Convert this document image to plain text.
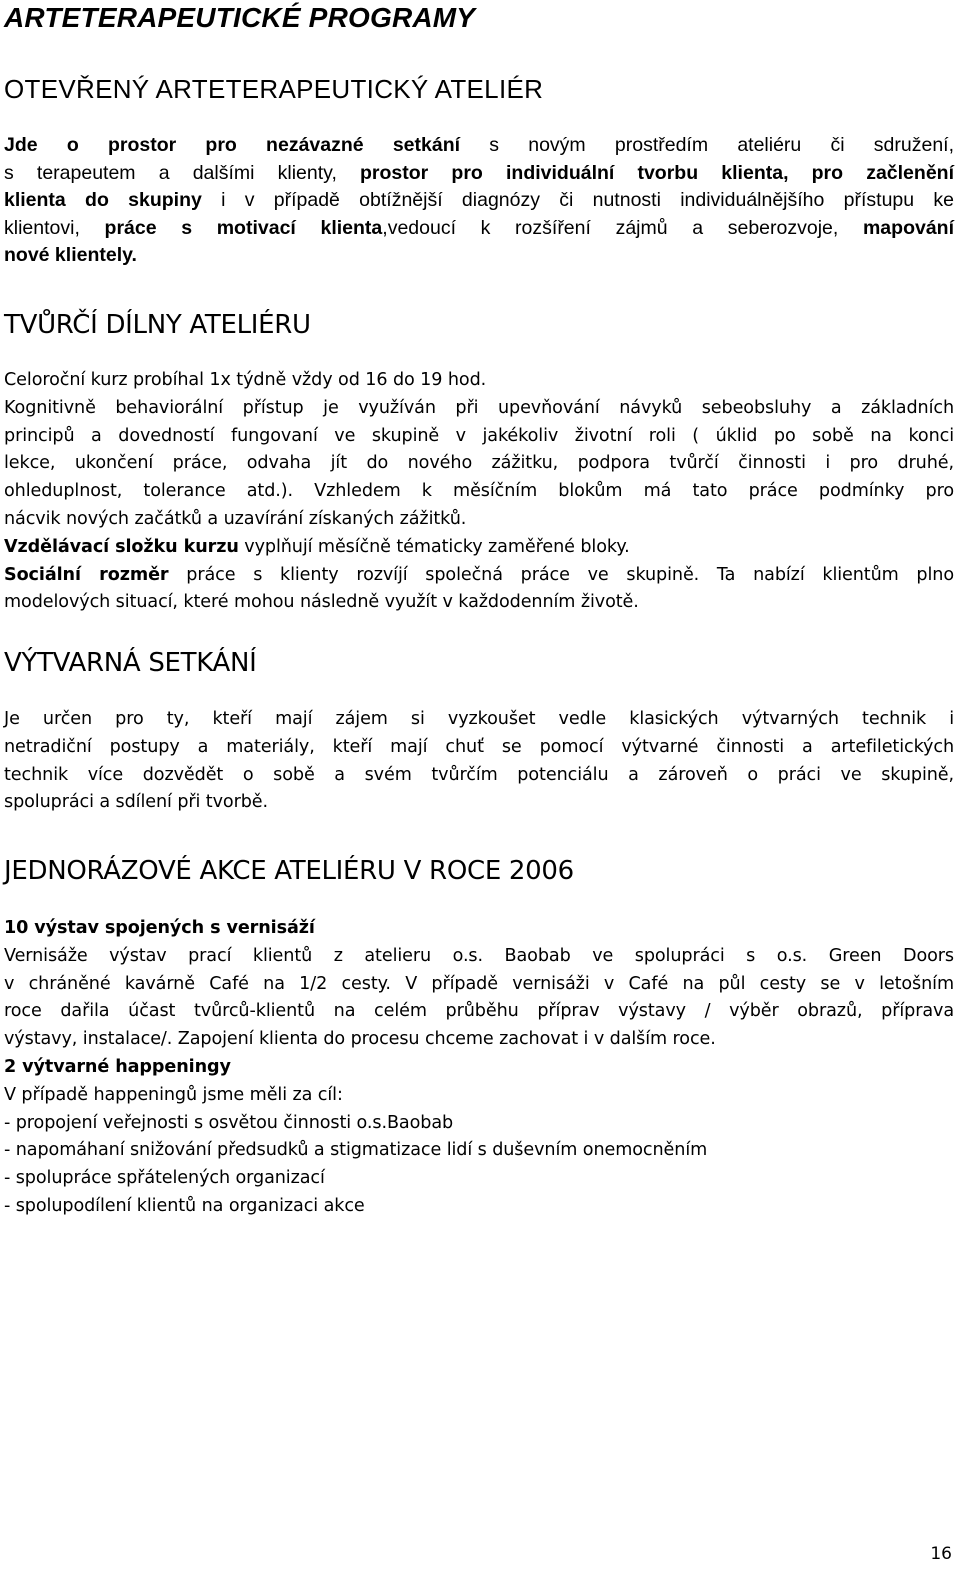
ARTETERAPEUTICKÉ PROGRAMY
OTEVŘENÝ ARTETERAPEUTICKÝ ATELIÉR
Jde o prostor pro nezávazné setkání s novým prostředím ateliéru či sdružení,
s terapeutem a dalšími klienty, prostor pro individuální tvorbu klienta, pro začlenění
klienta do skupiny i v případě obtížnější diagnózy či nutnosti individuálnějšího přístupu ke
klientovi, práce s motivací klienta,vedoucí k rozšíření zájmů a seberozvoje, mapování
nové klientely.
TVŮRČÍ DÍLNY ATELIÉRU
Celoroční kurz probíhal 1x týdně vždy od 16 do 19 hod.
Kognitivně behaviorální přístup je využíván při upevňování návyků sebeobsluhy a základních
principů a dovedností fungovaní ve skupině v jakékoliv životní roli ( úklid po sobě na konci
lekce, ukončení práce, odvaha jít do nového zážitku, podpora tvůrčí činnosti i pro druhé,
ohleduplnost, tolerance atd.). Vzhledem k měsíčním blokům má tato práce podmínky pro
nácvik nových začátků a uzavírání získaných zážitků.
Vzdělávací složku kurzu vyplňují měsíčně tématicky zaměřené bloky.
Sociální rozměr práce s klienty rozvíjí společná práce ve skupině. Ta nabízí klientům plno
modelových situací, které mohou následně využít v každodenním životě.
VÝTVARNÁ SETKÁNÍ
Je určen pro ty, kteří mají zájem si vyzkoušet vedle klasických výtvarných technik i
netradiční postupy a materiály, kteří mají chuť se pomocí výtvarné činnosti a artefiletických
technik více dozvědět o sobě a svém tvůrčím potenciálu a zároveň o práci ve skupině,
spolupráci a sdílení při tvorbě.
JEDNORÁZOVÉ AKCE ATELIÉRU V ROCE 2006
10 výstav spojených s vernisáží
Vernisáže výstav prací klientů z atelieru o.s. Baobab ve spolupráci s o.s. Green Doors
v chráněné kavárně Café na 1/2 cesty. V případě vernisáži v Café na půl cesty se v letošním
roce dařila účast tvůrců-klientů na celém průběhu příprav výstavy / výběr obrazů, příprava
výstavy, instalace/. Zapojení klienta do procesu chceme zachovat i v dalším roce.
2 výtvarné happeningy
V případě happeningů jsme měli za cíl:
- propojení veřejnosti s osvětou činnosti o.s.Baobab
- napomáhaní snižování předsudků a stigmatizace lidí s duševním onemocněním
- spolupráce spřátelených organizací
- spolupodílení klientů na organizaci akce
16
